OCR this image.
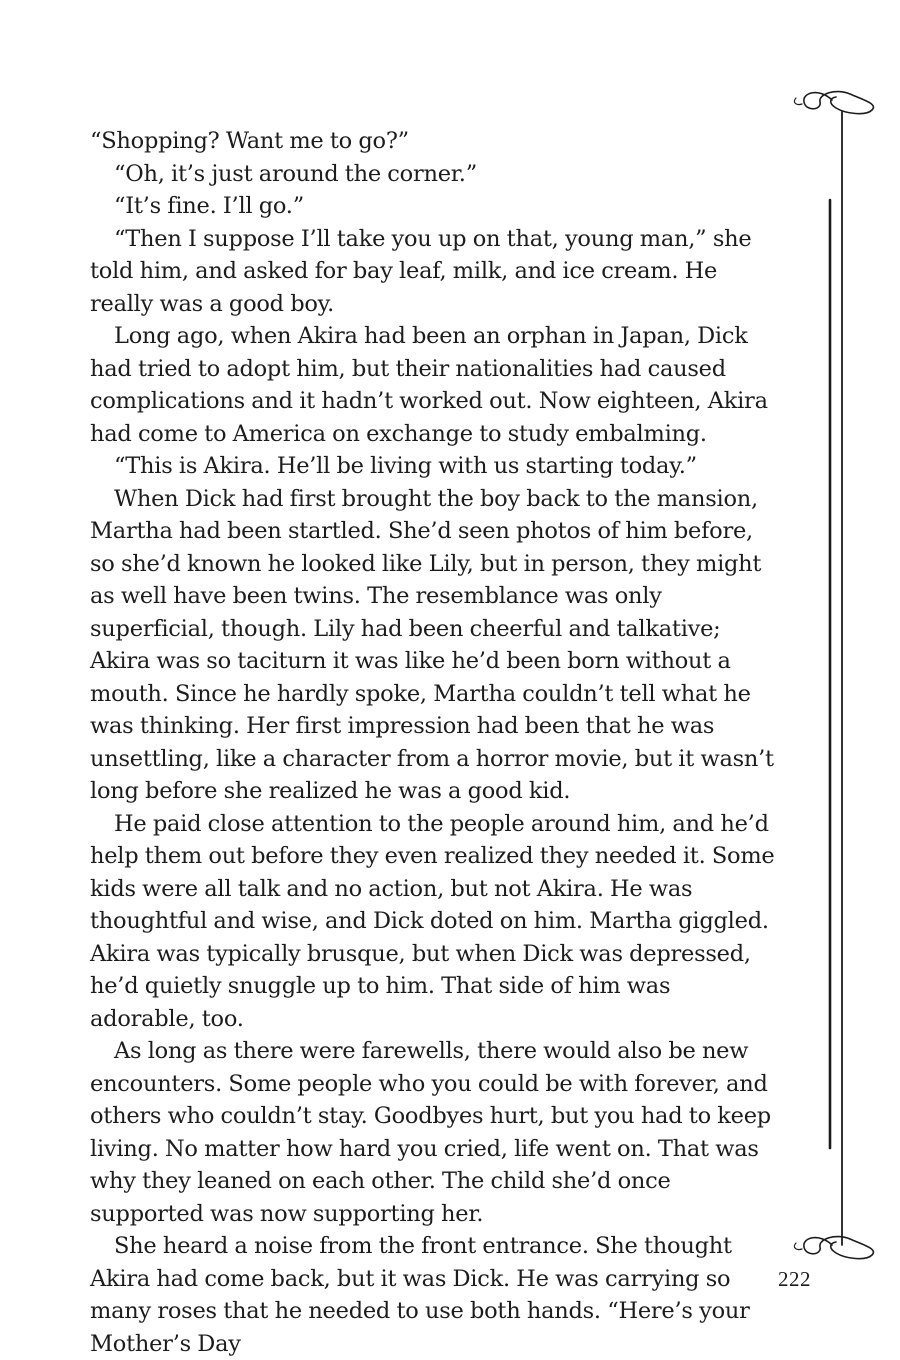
“Shopping? Want me to go?”

“Oh, it’s just around the corner.”

“It’s fine. I’ll go.”

“Then I suppose I’ll take you up on that, young man,” she told him, and asked for bay leaf, milk, and ice cream. He really was a good boy.

Long ago, when Akira had been an orphan in Japan, Dick had tried to adopt him, but their nationalities had caused complications and it hadn’t worked out. Now eighteen, Akira had come to America on exchange to study embalming.

“This is Akira. He’ll be living with us starting today.”

When Dick had first brought the boy back to the mansion, Martha had been startled. She’d seen photos of him before, so she’d known he looked like Lily, but in person, they might as well have been twins. The resemblance was only superficial, though. Lily had been cheerful and talkative; Akira was so taciturn it was like he’d been born without a mouth. Since he hardly spoke, Martha couldn’t tell what he was thinking. Her first impression had been that he was unsettling, like a character from a horror movie, but it wasn’t long before she realized he was a good kid.

He paid close attention to the people around him, and he’d help them out before they even realized they needed it. Some kids were all talk and no action, but not Akira. He was thoughtful and wise, and Dick doted on him. Martha giggled. Akira was typically brusque, but when Dick was depressed, he’d quietly snuggle up to him. That side of him was adorable, too.

As long as there were farewells, there would also be new encounters. Some people who you could be with forever, and others who couldn’t stay. Goodbyes hurt, but you had to keep living. No matter how hard you cried, life went on. That was why they leaned on each other. The child she’d once supported was now supporting her.

She heard a noise from the front entrance. She thought Akira had come back, but it was Dick. He was carrying so many roses that he needed to use both hands. “Here’s your Mother’s Day

222
